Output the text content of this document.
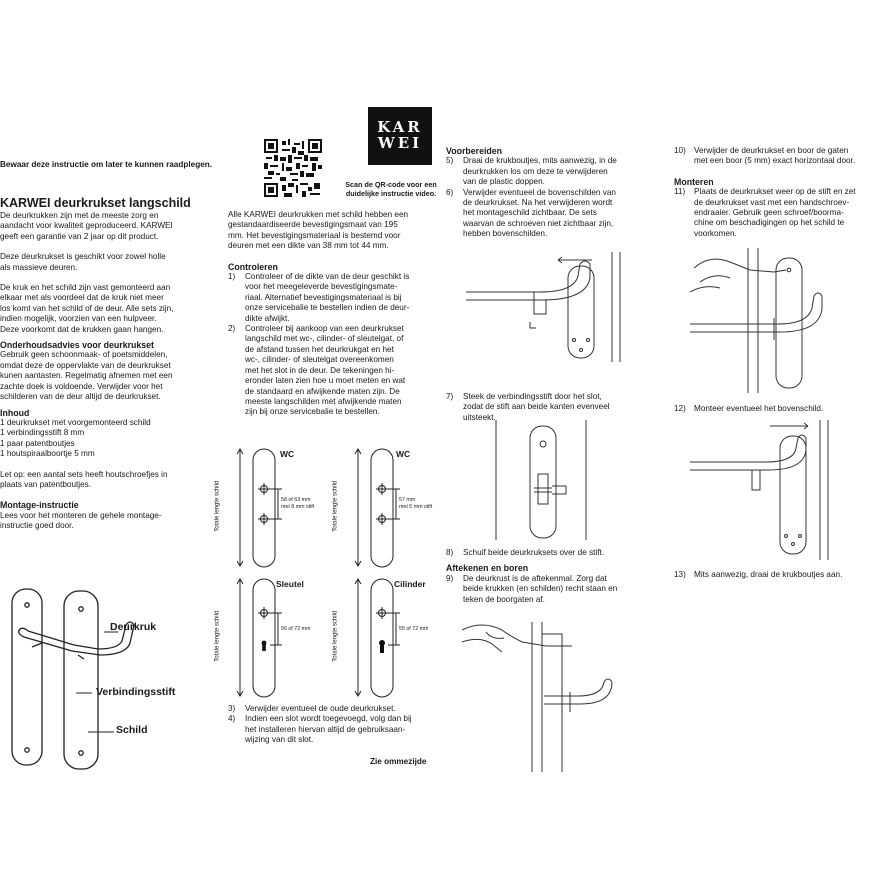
Bewaar deze instructie om later te kunnen raadplegen.
Scan de QR-code voor een
duidelijke instructie video.
KAR
WEI
KARWEI deurkrukset langschild

De deurkrukken zijn met de meeste zorg en

aandacht voor kwaliteit geproduceerd. KARWEI

geeft een garantie van 2 jaar op dit product.

Deze deurkrukset is geschikt voor zowel holle

als massieve deuren.

De kruk en het schild zijn vast gemonteerd aan

elkaar met als voordeel dat de kruk niet meer

los komt van het schild of de deur. Alle sets zijn,

indien mogelijk, voorzien van een hulpveer.

Deze voorkomt dat de krukken gaan hangen.

Onderhoudsadvies voor deurkrukset

Gebruik geen schoonmaak- of poetsmiddelen,

omdat deze de oppervlakte van de deurkrukset

kunen aantasten. Regelmatig afnemen met een

zachte doek is voldoende. Verwijder voor het

schilderen van de deur altijd de deurkrukset.

Inhoud
1 deurkrukset met voorgemonteerd schild
1 verbindingsstift 8 mm
1 paar patentboutjes
1 houtspiraalboortje 5 mm

Let op: een aantal sets heeft houtschroefjes in

plaats van patentboutjes.

Montage-instructie

Lees voor het monteren de gehele montage-

instructie goed door.

Deurkruk
Verbindingsstift
Schild

Alle KARWEI deurkrukken met schild hebben een

gestandaardiseerde bevestigingsmaat van 195

mm. Het bevestigingsmateriaal is bestemd voor

deuren met een dikte van 38 mm tot 44 mm.

Controleren
1)	Controleer of de dikte van de deur geschikt is

voor het meegeleverde bevestigingsmate-

riaal. Alternatief bevestigingsmateriaal is bij

onze servicebalie te bestellen indien de deur-

dikte afwijkt.

2)	Controleer bij aankoop van een deurkrukset

langschild met wc-, cilinder- of sleutelgat, of

de afstand tussen het deurkrukgat en het

wc-, cilinder- of sleutelgat overeenkomen

met het slot in de deur. De tekeningen hi-

eronder laten zien hoe u moet meten en wat

de standaard en afwijkende maten zijn. De

meeste langschilden met afwijkende maten

zijn bij onze servicebalie te bestellen.

WC
58 of 63 mm
met 8 mm stift
Totale lengte schild
WC
57 mm
met 5 mm stift
Totale lengte schild
Sleutel
56 of 72 mm
Totale lengte schild
Cilinder
55 of 72 mm
Totale lengte schild
3)	Verwijder eventueel de oude deurkrukset.

4)	Indien een slot wordt toegevoegd, volg dan bij

het installeren hiervan altijd de gebruiksaan-

wijzing van dit slot.

Zie ommezijde
Voorbereiden
5)	Draai de krukboutjes, mits aanwezig, in de

deurkrukken los om deze te verwijderen

van de plastic doppen.

6)	Verwijder eventueel de bovenschilden van

de deurkrukset. Na het verwijderen wordt

het montageschild zichtbaar. De sets

waarvan de schroeven niet zichtbaar zijn,

hebben bovenschilden.

7)	Steek de verbindingsstift door het slot,

zodat de stift aan beide kanten evenveel

uitsteekt.

8)	Schuif beide deurkruksets over de stift.

Aftekenen en boren
9)	De deurkrust is de aftekenmal. Zorg dat

beide krukken (en schilden) recht staan en

teken de boorgaten af.

10) Verwijder de deurkrukset en boor de gaten

met een boor (5 mm) exact horizontaal door.

Monteren
11)	Plaats de deurkrukset weer op de stift en zet

de deurkrukset vast met een handschroev-

endraaier. Gebruik geen schroef/boorma-

chine om beschadigingen op het schild te

voorkomen.

12) Monteer eventueel het bovenschild.

13) Mits aanwezig, draai de krukboutjes aan.
